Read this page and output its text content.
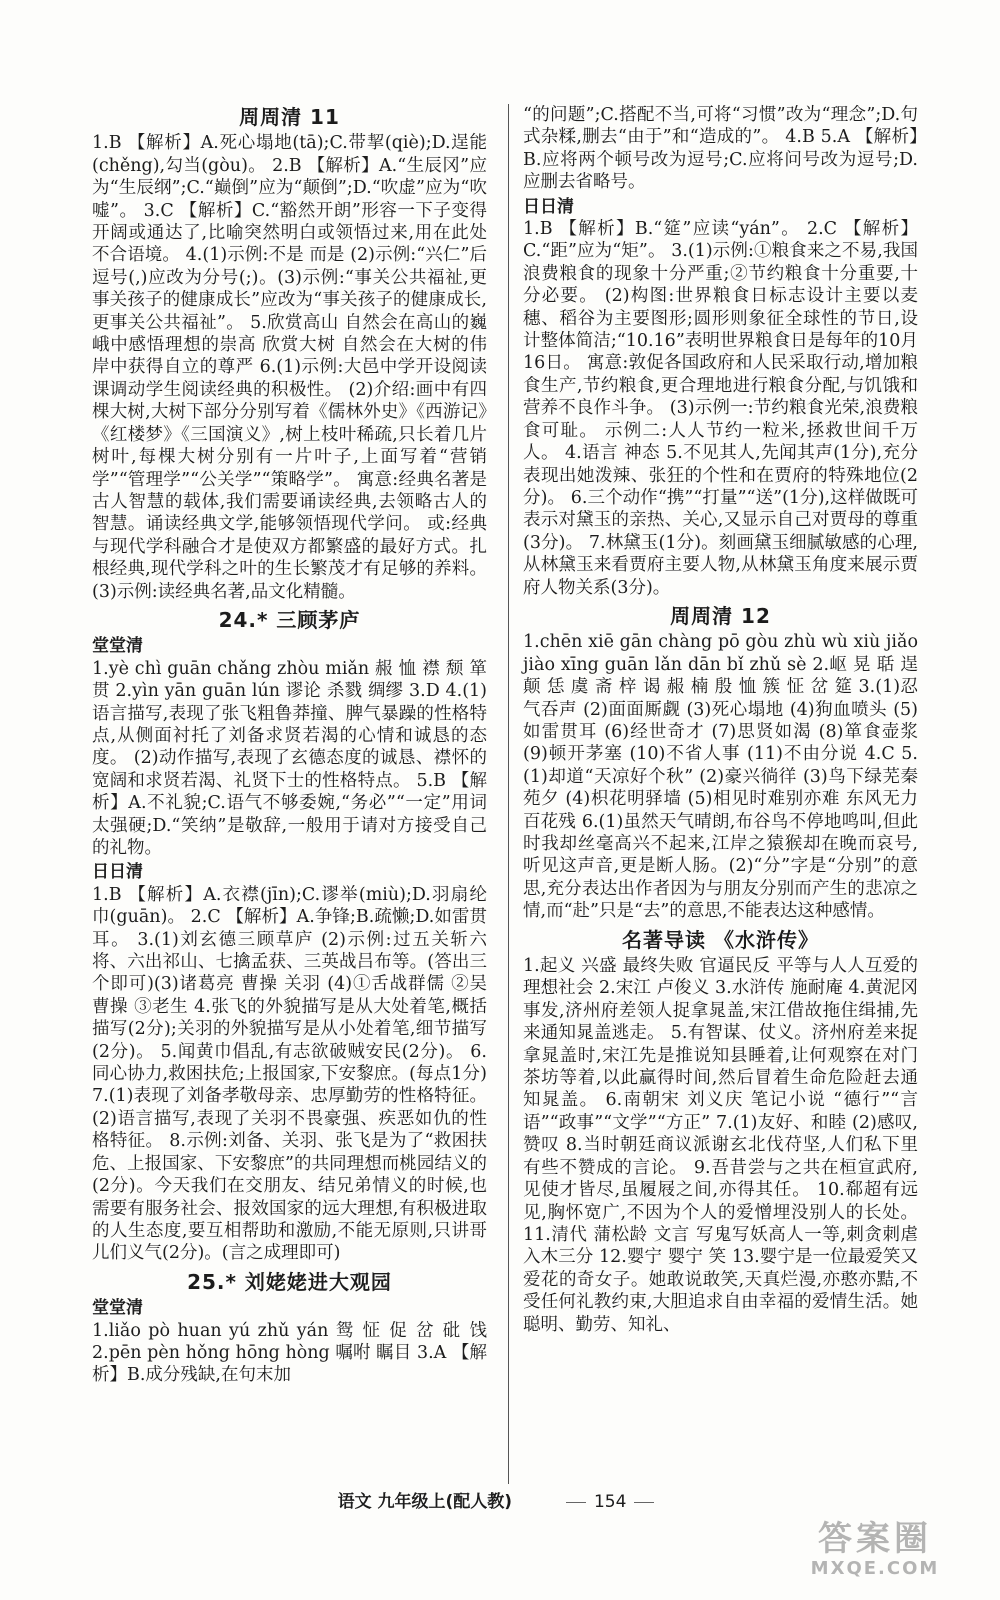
周周清 11

1.B 【解析】A.死心塌地(tā);C.带挈(qiè);D.逞能(chěng),勾当(gòu)。 2.B 【解析】A.“生辰冈”应为“生辰纲”;C.“巅倒”应为“颠倒”;D.“吹虚”应为“吹嘘”。 3.C 【解析】C.“豁然开朗”形容一下子变得开阔或通达了,比喻突然明白或领悟过来,用在此处不合语境。 4.(1)示例:不是 而是 (2)示例:“兴仁”后逗号(,)应改为分号(;)。(3)示例:“事关公共福祉,更事关孩子的健康成长”应改为“事关孩子的健康成长,更事关公共福祉”。 5.欣赏高山 自然会在高山的巍峨中感悟理想的崇高 欣赏大树 自然会在大树的伟岸中获得自立的尊严 6.(1)示例:大邑中学开设阅读课调动学生阅读经典的积极性。 (2)介绍:画中有四棵大树,大树下部分分别写着《儒林外史》《西游记》《红楼梦》《三国演义》,树上枝叶稀疏,只长着几片树叶,每棵大树分别有一片叶子,上面写着“营销学”“管理学”“公关学”“策略学”。 寓意:经典名著是古人智慧的载体,我们需要诵读经典,去领略古人的智慧。诵读经典文学,能够领悟现代学问。 或:经典与现代学科融合才是使双方都繁盛的最好方式。扎根经典,现代学科之叶的生长繁茂才有足够的养料。 (3)示例:读经典名著,品文化精髓。

24.* 三顾茅庐
堂堂清

1.yè chì guān chǎng zhòu miǎn 赧 恤 襟 颓 箪 贯 2.yìn yān guān lún 谬论 杀戮 绸缪 3.D 4.(1)语言描写,表现了张飞粗鲁莽撞、脾气暴躁的性格特点,从侧面衬托了刘备求贤若渴的心情和诚恳的态度。 (2)动作描写,表现了玄德态度的诚恳、襟怀的宽阔和求贤若渴、礼贤下士的性格特点。 5.B 【解析】A.不礼貌;C.语气不够委婉,“务必”“一定”用词太强硬;D.“笑纳”是敬辞,一般用于请对方接受自己的礼物。

日日清

1.B 【解析】A.衣襟(jīn);C.谬举(miù);D.羽扇纶巾(guān)。 2.C 【解析】A.争锋;B.疏懒;D.如雷贯耳。 3.(1)刘玄德三顾草庐 (2)示例:过五关斩六将、六出祁山、七擒孟获、三英战吕布等。(答出三个即可)(3)诸葛亮 曹操 关羽 (4)①舌战群儒 ②吴 曹操 ③老生 4.张飞的外貌描写是从大处着笔,概括描写(2分);关羽的外貌描写是从小处着笔,细节描写(2分)。 5.闻黄巾倡乱,有志欲破贼安民(2分)。 6.同心协力,救困扶危;上报国家,下安黎庶。(每点1分) 7.(1)表现了刘备孝敬母亲、忠厚勤劳的性格特征。(2)语言描写,表现了关羽不畏豪强、疾恶如仇的性格特征。 8.示例:刘备、关羽、张飞是为了“救困扶危、上报国家、下安黎庶”的共同理想而桃园结义的(2分)。今天我们在交朋友、结兄弟情义的时候,也需要有服务社会、报效国家的远大理想,有积极进取的人生态度,要互相帮助和激励,不能无原则,只讲哥儿们义气(2分)。(言之成理即可)

25.* 刘姥姥进大观园
堂堂清

1.liǎo pò huan yú zhǔ yán 鸳 怔 促 岔 砒 饯 2.pēn pèn hǒng hōng hòng 嘱咐 瞩目 3.A 【解析】B.成分残缺,在句末加

“的问题”;C.搭配不当,可将“习惯”改为“理念”;D.句式杂糅,删去“由于”和“造成的”。 4.B 5.A 【解析】B.应将两个顿号改为逗号;C.应将问号改为逗号;D.应删去省略号。

日日清

1.B 【解析】B.“筵”应读“yán”。 2.C 【解析】C.“距”应为“矩”。 3.(1)示例:①粮食来之不易,我国浪费粮食的现象十分严重;②节约粮食十分重要,十分必要。 (2)构图:世界粮食日标志设计主要以麦穗、稻谷为主要图形;圆形则象征全球性的节日,设计整体简洁;“10.16”表明世界粮食日是每年的10月16日。 寓意:敦促各国政府和人民采取行动,增加粮食生产,节约粮食,更合理地进行粮食分配,与饥饿和营养不良作斗争。 (3)示例一:节约粮食光荣,浪费粮食可耻。 示例二:人人节约一粒米,拯救世间千万人。 4.语言 神态 5.不见其人,先闻其声(1分),充分表现出她泼辣、张狂的个性和在贾府的特殊地位(2分)。 6.三个动作“携”“打量”“送”(1分),这样做既可表示对黛玉的亲热、关心,又显示自己对贾母的尊重(3分)。 7.林黛玉(1分)。刻画黛玉细腻敏感的心理,从林黛玉来看贾府主要人物,从林黛玉角度来展示贾府人物关系(3分)。

周周清 12

1.chēn xiē gān chàng pō gòu zhù wù xiù jiǎo jiào xīng guān lǎn dān bǐ zhǔ sè 2.岖 晃 聒 逞 颠 恁 虞 斋 梓 谒 赧 楠 殷 恤 簇 怔 岔 筵 3.(1)忍气吞声 (2)面面厮觑 (3)死心塌地 (4)狗血喷头 (5)如雷贯耳 (6)经世奇才 (7)思贤如渴 (8)箪食壶浆 (9)顿开茅塞 (10)不省人事 (11)不由分说 4.C 5.(1)却道“天凉好个秋” (2)豪兴徜徉 (3)鸟下绿芜秦苑夕 (4)枳花明驿墙 (5)相见时难别亦难 东风无力百花残 6.(1)虽然天气晴朗,布谷鸟不停地鸣叫,但此时我却丝毫高兴不起来,江岸之猿猴却在晚而哀号,听见这声音,更是断人肠。(2)“分”字是“分别”的意思,充分表达出作者因为与朋友分别而产生的悲凉之情,而“赴”只是“去”的意思,不能表达这种感情。

名著导读 《水浒传》

1.起义 兴盛 最终失败 官逼民反 平等与人人互爱的理想社会 2.宋江 卢俊义 3.水浒传 施耐庵 4.黄泥冈事发,济州府差领人捉拿晁盖,宋江借故拖住缉捕,先来通知晁盖逃走。 5.有智谋、仗义。济州府差来捉拿晁盖时,宋江先是推说知县睡着,让何观察在对门茶坊等着,以此赢得时间,然后冒着生命危险赶去通知晁盖。 6.南朝宋 刘义庆 笔记小说 “德行”“言语”“政事”“文学”“方正” 7.(1)友好、和睦 (2)感叹,赞叹 8.当时朝廷商议派谢玄北伐苻坚,人们私下里有些不赞成的言论。 9.吾昔尝与之共在桓宣武府,见使才皆尽,虽履屐之间,亦得其任。 10.郗超有远见,胸怀宽广,不因为个人的爱憎埋没别人的长处。 11.清代 蒲松龄 文言 写鬼写妖高人一等,刺贪刺虐入木三分 12.婴宁 婴宁 笑 13.婴宁是一位最爱笑又爱花的奇女子。她敢说敢笑,天真烂漫,亦憨亦黠,不受任何礼教约束,大胆追求自由幸福的爱情生活。她聪明、勤劳、知礼、

语文 九年级上(配人教)	154
答案圈
MXQE.COM
